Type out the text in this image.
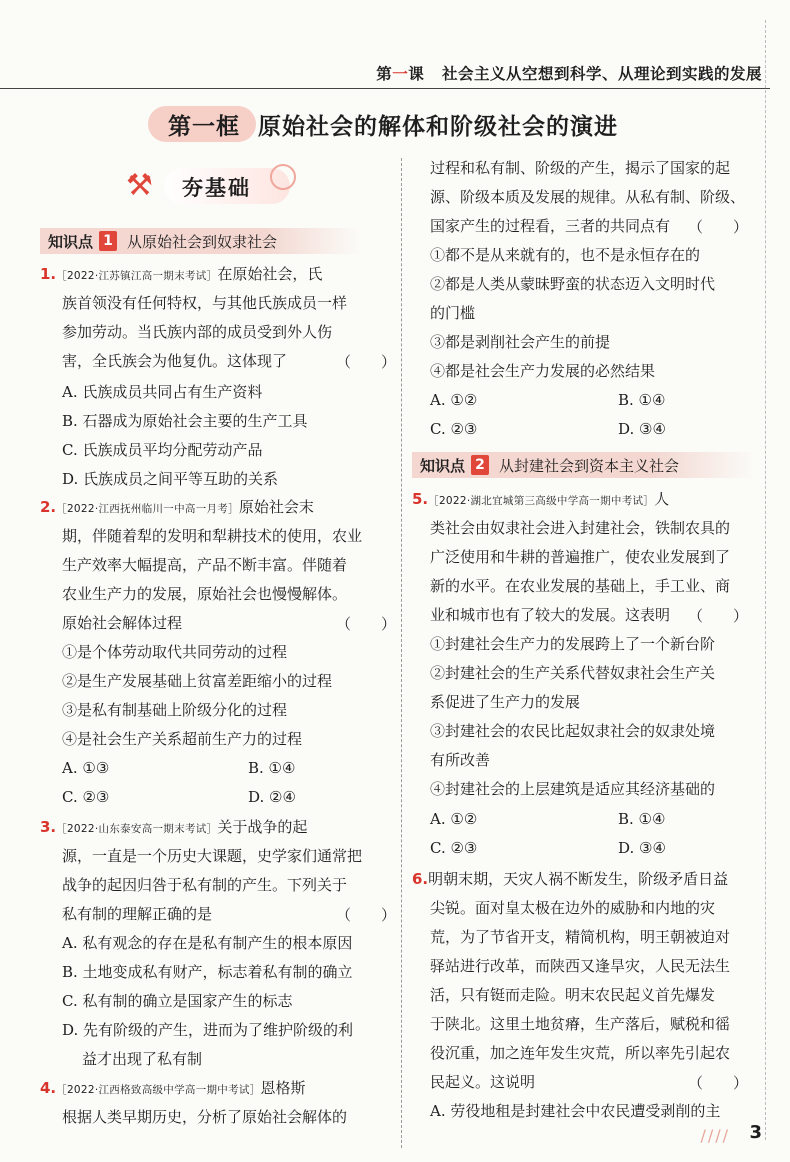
第一课 社会主义从空想到科学、从理论到实践的发展
第一框 原始社会的解体和阶级社会的演进
⚒ 夯基础
知识点 1 从原始社会到奴隶社会
1.［2022·江苏镇江高一期末考试］在原始社会，氏
族首领没有任何特权，与其他氏族成员一样
参加劳动。当氏族内部的成员受到外人伤
害，全氏族会为他复仇。这体现了	（　　）
A. 氏族成员共同占有生产资料
B. 石器成为原始社会主要的生产工具
C. 氏族成员平均分配劳动产品
D. 氏族成员之间平等互助的关系
2.［2022·江西抚州临川一中高一月考］原始社会末
期，伴随着犁的发明和犁耕技术的使用，农业
生产效率大幅提高，产品不断丰富。伴随着
农业生产力的发展，原始社会也慢慢解体。
原始社会解体过程	（　　）
①是个体劳动取代共同劳动的过程
②是生产发展基础上贫富差距缩小的过程
③是私有制基础上阶级分化的过程
④是社会生产关系超前生产力的过程
A. ①③	B. ①④
C. ②③	D. ②④
3.［2022·山东泰安高一期末考试］关于战争的起
源，一直是一个历史大课题，史学家们通常把
战争的起因归咎于私有制的产生。下列关于
私有制的理解正确的是	（　　）
A. 私有观念的存在是私有制产生的根本原因
B. 土地变成私有财产，标志着私有制的确立
C. 私有制的确立是国家产生的标志
D. 先有阶级的产生，进而为了维护阶级的利
益才出现了私有制
4.［2022·江西格致高级中学高一期中考试］恩格斯
根据人类早期历史，分析了原始社会解体的
过程和私有制、阶级的产生，揭示了国家的起
源、阶级本质及发展的规律。从私有制、阶级、
国家产生的过程看，三者的共同点有 （　　）
①都不是从来就有的，也不是永恒存在的
②都是人类从蒙昧野蛮的状态迈入文明时代
的门槛
③都是剥削社会产生的前提
④都是社会生产力发展的必然结果
A. ①②	B. ①④
C. ②③	D. ③④
知识点 2 从封建社会到资本主义社会
5.［2022·湖北宜城第三高级中学高一期中考试］人
类社会由奴隶社会进入封建社会，铁制农具的
广泛使用和牛耕的普遍推广，使农业发展到了
新的水平。在农业发展的基础上，手工业、商
业和城市也有了较大的发展。这表明 （　　）
①封建社会生产力的发展跨上了一个新台阶
②封建社会的生产关系代替奴隶社会生产关
系促进了生产力的发展
③封建社会的农民比起奴隶社会的奴隶处境
有所改善
④封建社会的上层建筑是适应其经济基础的
A. ①②	B. ①④
C. ②③	D. ③④
6.明朝末期，天灾人祸不断发生，阶级矛盾日益
尖锐。面对皇太极在边外的威胁和内地的灾
荒，为了节省开支，精简机构，明王朝被迫对
驿站进行改革，而陕西又逢旱灾，人民无法生
活，只有铤而走险。明末农民起义首先爆发
于陕北。这里土地贫瘠，生产落后，赋税和徭
役沉重，加之连年发生灾荒，所以率先引起农
民起义。这说明	（　　）
A. 劳役地租是封建社会中农民遭受剥削的主
//// 3
